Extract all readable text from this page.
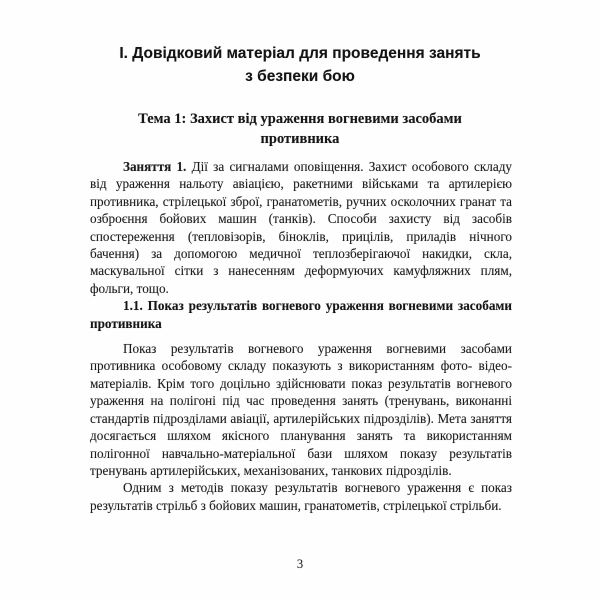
І. Довідковий матеріал для проведення занять
з безпеки бою
Тема 1: Захист від ураження вогневими засобами
противника

Заняття 1. Дії за сигналами оповіщення. Захист особового складу від ураження нальоту авіацією, ракетними військами та артилерією противника, стрілецької зброї, гранатометів, ручних осколочних гранат та озброєння бойових машин (танків). Способи захисту від засобів спостереження (тепловізорів, біноклів, прицілів, приладів нічного бачення) за допомогою медичної теплозберігаючої накидки, скла, маскувальної сітки з нанесенням деформуючих камуфляжних плям, фольги, тощо.

1.1. Показ результатів вогневого ураження вогневими засобами противника

Показ результатів вогневого ураження вогневими засобами противника особовому складу показують з використанням фото- відео- матеріалів. Крім того доцільно здійснювати показ результатів вогневого ураження на полігоні під час проведення занять (тренувань, виконанні стандартів підрозділами авіації, артилерійських підрозділів). Мета заняття досягається шляхом якісного планування занять та використанням полігонної навчально-матеріальної бази шляхом показу результатів тренувань артилерійських, механізованих, танкових підрозділів.

Одним з методів показу результатів вогневого ураження є показ результатів стрільб з бойових машин, гранатометів, стрілецької стрільби.

3
